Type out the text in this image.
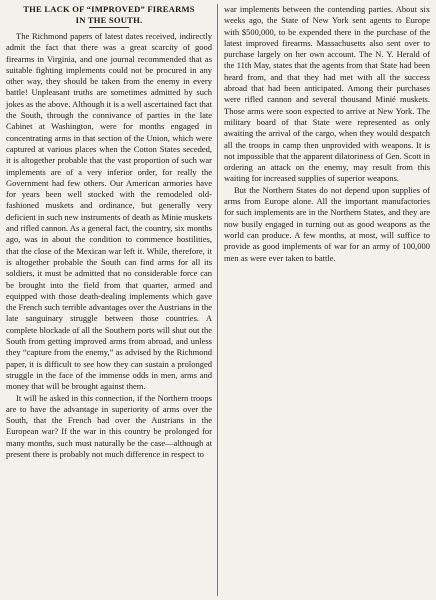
THE LACK OF “IMPROVED” FIREARMS
IN THE SOUTH.

The Richmond papers of latest dates received, indirectly admit the fact that there was a great scarcity of good firearms in Virginia, and one journal recommended that as suitable fighting implements could not be procured in any other way, they should be taken from the enemy in every battle! Unpleasant truths are sometimes admitted by such jokes as the above. Although it is a well ascertained fact that the South, through the connivance of parties in the late Cabinet at Washington, were for months engaged in concentrating arms in that section of the Union, which were captured at various places when the Cotton States seceded, it is altogether probable that the vast proportion of such war implements are of a very inferior order, for really the Government had few others. Our American armories have for years been well stocked with the remodeled old-fashioned muskets and ordinance, but generally very deficient in such new instruments of death as Minie muskets and rifled cannon. As a general fact, the country, six months ago, was in about the condition to commence hostilities, that the close of the Mexican war left it. While, therefore, it is altogether probable the South can find arms for all its soldiers, it must be admitted that no considerable force can be brought into the field from that quarter, armed and equipped with those death-dealing implements which gave the French such terrible advantages over the Austrians in the late sanguinary struggle between those countries. A complete blockade of all the Southern ports will shut out the South from getting improved arms from abroad, and unless they “capture from the enemy,” as advised by the Richmond paper, it is difficult to see how they can sustain a prolonged struggle in the face of the immense odds in men, arms and money that will be brought against them.

It will be asked in this connection, if the Northern troops are to have the advantage in superiority of arms over the South, that the French had over the Austrians in the European war? If the war in this country be prolonged for many months, such must naturally be the case—although at present there is probably not much difference in respect to

war implements between the contending parties. About six weeks ago, the State of New York sent agents to Europe with $500,000, to be expended there in the purchase of the latest improved firearms. Massachusetts also sent over to purchase largely on her own account. The N. Y. Herald of the 11th May, states that the agents from that State had been heard from, and that they had met with all the success abroad that had been anticipated. Among their purchases were rifled cannon and several thousand Minié muskets. Those arms were soon expected to arrive at New York. The military board of that State were represented as only awaiting the arrival of the cargo, when they would despatch all the troops in camp then unprovided with weapons. It is not impossible that the apparent dilatoriness of Gen. Scott in ordering an attack on the enemy, may result from this waiting for increased supplies of superior weapons.

But the Northern States do not depend upon supplies of arms from Europe alone. All the important manufactories for such implements are in the Northern States, and they are now busily engaged in turning out as good weapons as the world can produce. A few months, at most, will suffice to provide as good implements of war for an army of 100,000 men as were ever taken to battle.
